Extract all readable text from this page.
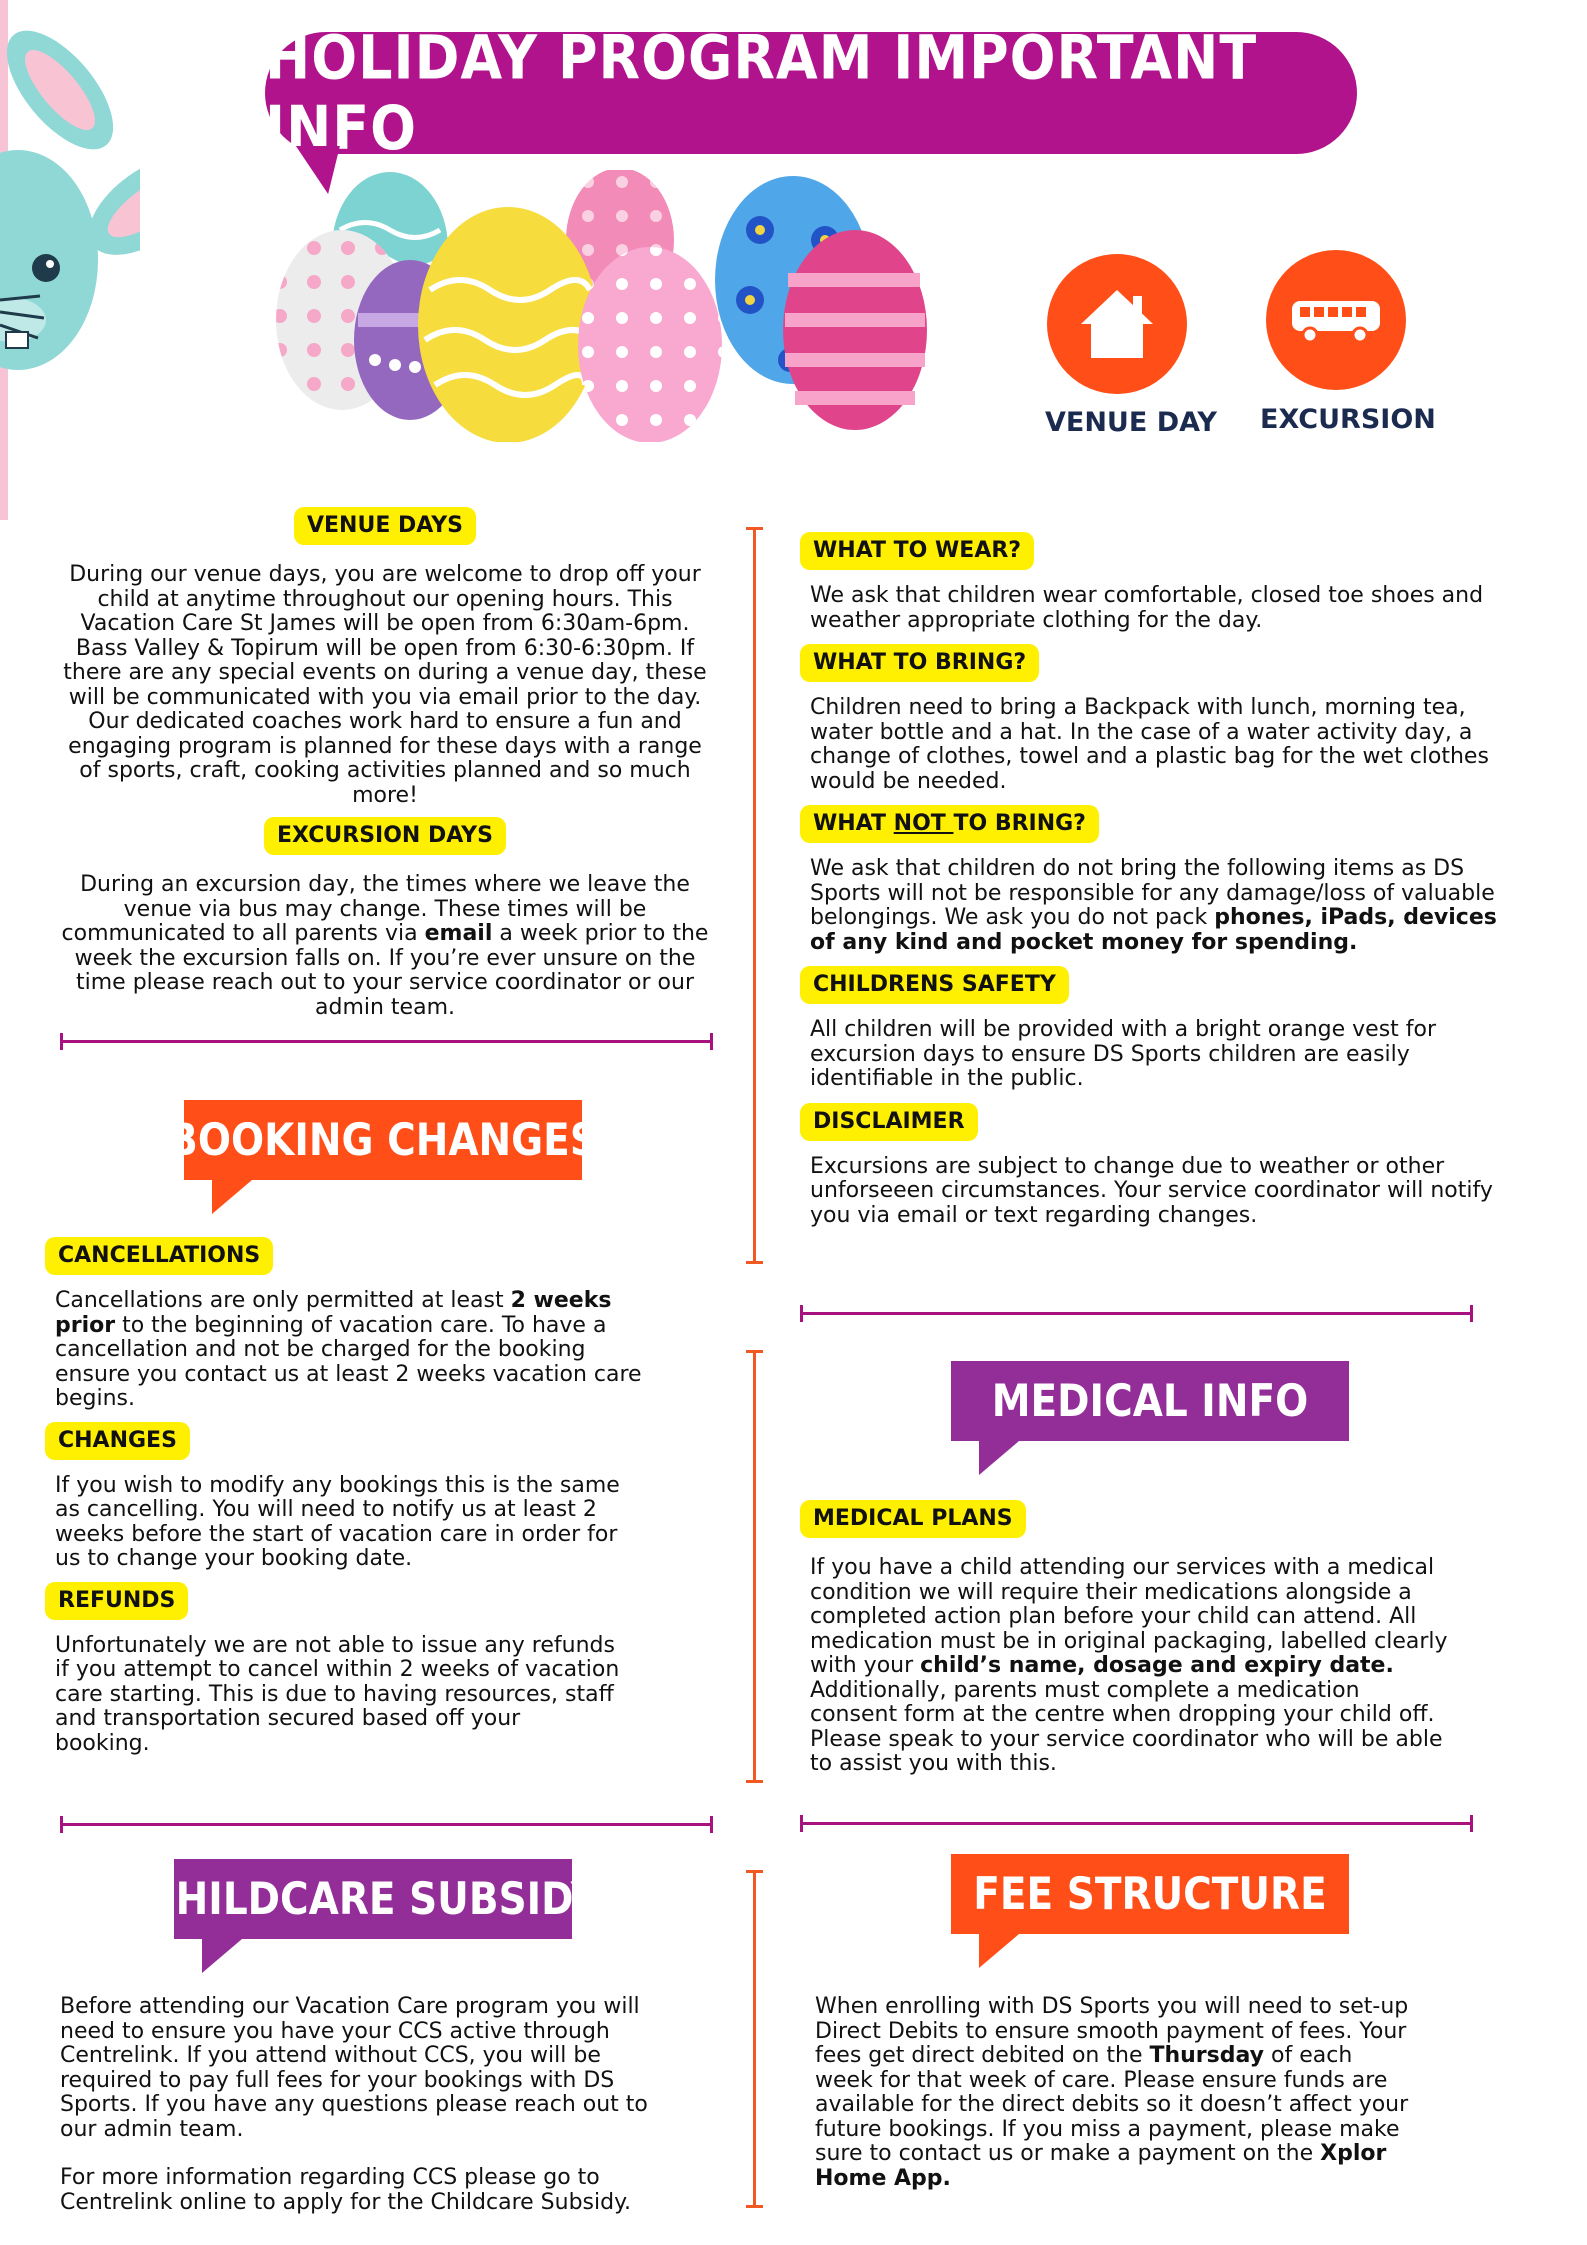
HOLIDAY PROGRAM IMPORTANT INFO
VENUE DAY EXCURSION
VENUE DAYS
During our venue days, you are welcome to drop off your
child at anytime throughout our opening hours. This
Vacation Care St James will be open from 6:30am-6pm.
Bass Valley & Topirum will be open from 6:30-6:30pm. If
there are any special events on during a venue day, these
will be communicated with you via email prior to the day.
Our dedicated coaches work hard to ensure a fun and
engaging program is planned for these days with a range
of sports, craft, cooking activities planned and so much
more!
EXCURSION DAYS
During an excursion day, the times where we leave the
venue via bus may change. These times will be
communicated to all parents via email a week prior to the
week the excursion falls on. If you’re ever unsure on the
time please reach out to your service coordinator or our
admin team.
BOOKING CHANGES
CANCELLATIONS
Cancellations are only permitted at least 2 weeks
prior to the beginning of vacation care. To have a
cancellation and not be charged for the booking
ensure you contact us at least 2 weeks vacation care
begins.
CHANGES
If you wish to modify any bookings this is the same
as cancelling. You will need to notify us at least 2
weeks before the start of vacation care in order for
us to change your booking date.
REFUNDS
Unfortunately we are not able to issue any refunds
if you attempt to cancel within 2 weeks of vacation
care starting. This is due to having resources, staff
and transportation secured based off your
booking.
CHILDCARE SUBSIDY
Before attending our Vacation Care program you will
need to ensure you have your CCS active through
Centrelink. If you attend without CCS, you will be
required to pay full fees for your bookings with DS
Sports. If you have any questions please reach out to
our admin team.
For more information regarding CCS please go to
Centrelink online to apply for the Childcare Subsidy.
WHAT TO WEAR?
We ask that children wear comfortable, closed toe shoes and
weather appropriate clothing for the day.
WHAT TO BRING?
Children need to bring a Backpack with lunch, morning tea,
water bottle and a hat. In the case of a water activity day, a
change of clothes, towel and a plastic bag for the wet clothes
would be needed.
WHAT NOT TO BRING?
We ask that children do not bring the following items as DS
Sports will not be responsible for any damage/loss of valuable
belongings. We ask you do not pack phones, iPads, devices
of any kind and pocket money for spending.
CHILDRENS SAFETY
All children will be provided with a bright orange vest for
excursion days to ensure DS Sports children are easily
identifiable in the public.
DISCLAIMER
Excursions are subject to change due to weather or other
unforseeen circumstances. Your service coordinator will notify
you via email or text regarding changes.
MEDICAL INFO
MEDICAL PLANS
If you have a child attending our services with a medical
condition we will require their medications alongside a
completed action plan before your child can attend. All
medication must be in original packaging, labelled clearly
with your child’s name, dosage and expiry date.
Additionally, parents must complete a medication
consent form at the centre when dropping your child off.
Please speak to your service coordinator who will be able
to assist you with this.
FEE STRUCTURE
When enrolling with DS Sports you will need to set-up
Direct Debits to ensure smooth payment of fees. Your
fees get direct debited on the Thursday of each
week for that week of care. Please ensure funds are
available for the direct debits so it doesn’t affect your
future bookings. If you miss a payment, please make
sure to contact us or make a payment on the Xplor
Home App.
